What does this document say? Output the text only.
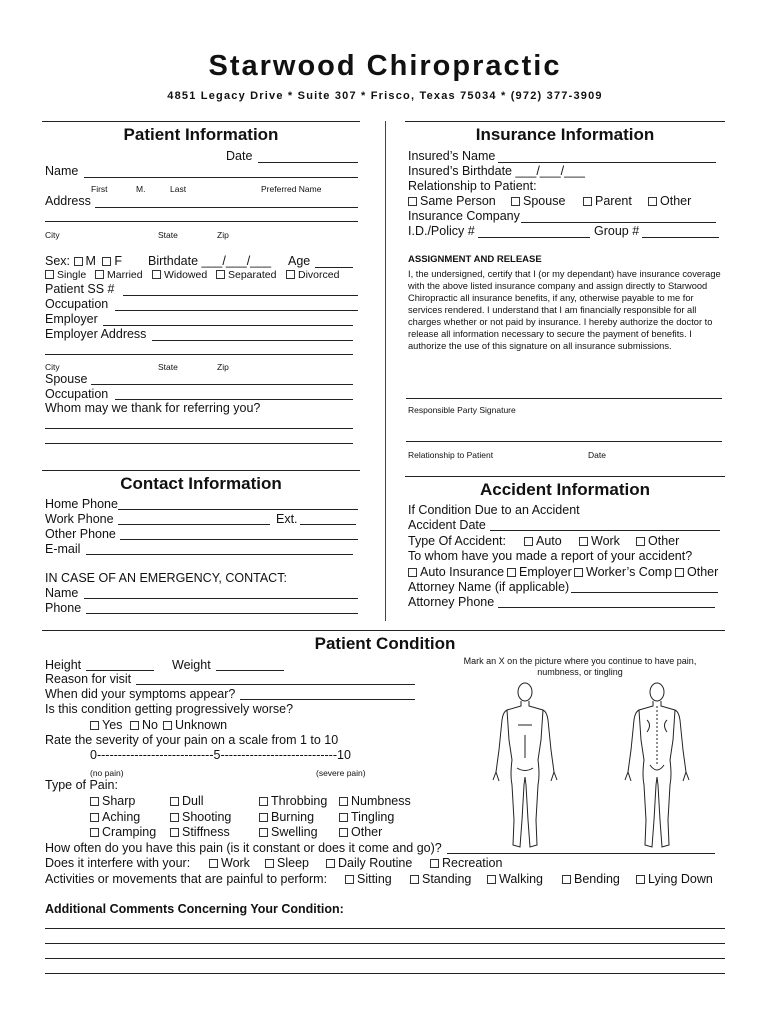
Starwood Chiropractic
4851 Legacy Drive * Suite 307 * Frisco, Texas 75034 * (972) 377-3909
Patient Information
Date
Name
First	M.	Last	Preferred Name
Address
City	State	Zip
Sex: M F Birthdate ___/___/___ Age
Single	Married	Widowed	Separated	Divorced
Patient SS #
Occupation
Employer
Employer Address
City	State	Zip
Spouse
Occupation
Whom may we thank for referring you?
Insurance Information
Insured’s Name
Insured’s Birthdate ___/___/___
Relationship to Patient:
Same Person	Spouse	Parent	Other
Insurance Company
I.D./Policy #	Group #
ASSIGNMENT AND RELEASE
I, the undersigned, certify that I (or my dependant) have insurance coverage with the above listed insurance company and assign directly to Starwood Chiropractic all insurance benefits, if any, otherwise payable to me for services rendered. I understand that I am financially responsible for all charges whether or not paid by insurance. I hereby authorize the doctor to release all information necessary to secure the payment of benefits. I authorize the use of this signature on all insurance submissions.
Responsible Party Signature
Relationship to Patient	Date
Contact Information
Home Phone
Work Phone	Ext.
Other Phone
E-mail
IN CASE OF AN EMERGENCY, CONTACT:
Name
Phone
Accident Information
If Condition Due to an Accident
Accident Date
Type Of Accident:	Auto	Work	Other
To whom have you made a report of your accident?
Auto Insurance	Employer	Worker’s Comp	Other
Attorney Name (if applicable)
Attorney Phone
Patient Condition
Height	Weight	Mark an X on the picture where you continue to have pain,
numbness, or tingling
Reason for visit
When did your symptoms appear?
Is this condition getting progressively worse?
Yes	No	Unknown
Rate the severity of your pain on a scale from 1 to 10
0----------------------------5----------------------------10
(no pain)	(severe pain)
Type of Pain:
Sharp	Dull	Throbbing	Numbness
Aching	Shooting	Burning	Tingling
Cramping	Stiffness	Swelling	Other
How often do you have this pain (is it constant or does it come and go)?
Does it interfere with your:	Work	Sleep	Daily Routine	Recreation
Activities or movements that are painful to perform:	Sitting	Standing	Walking	Bending	Lying Down
Additional Comments Concerning Your Condition:
